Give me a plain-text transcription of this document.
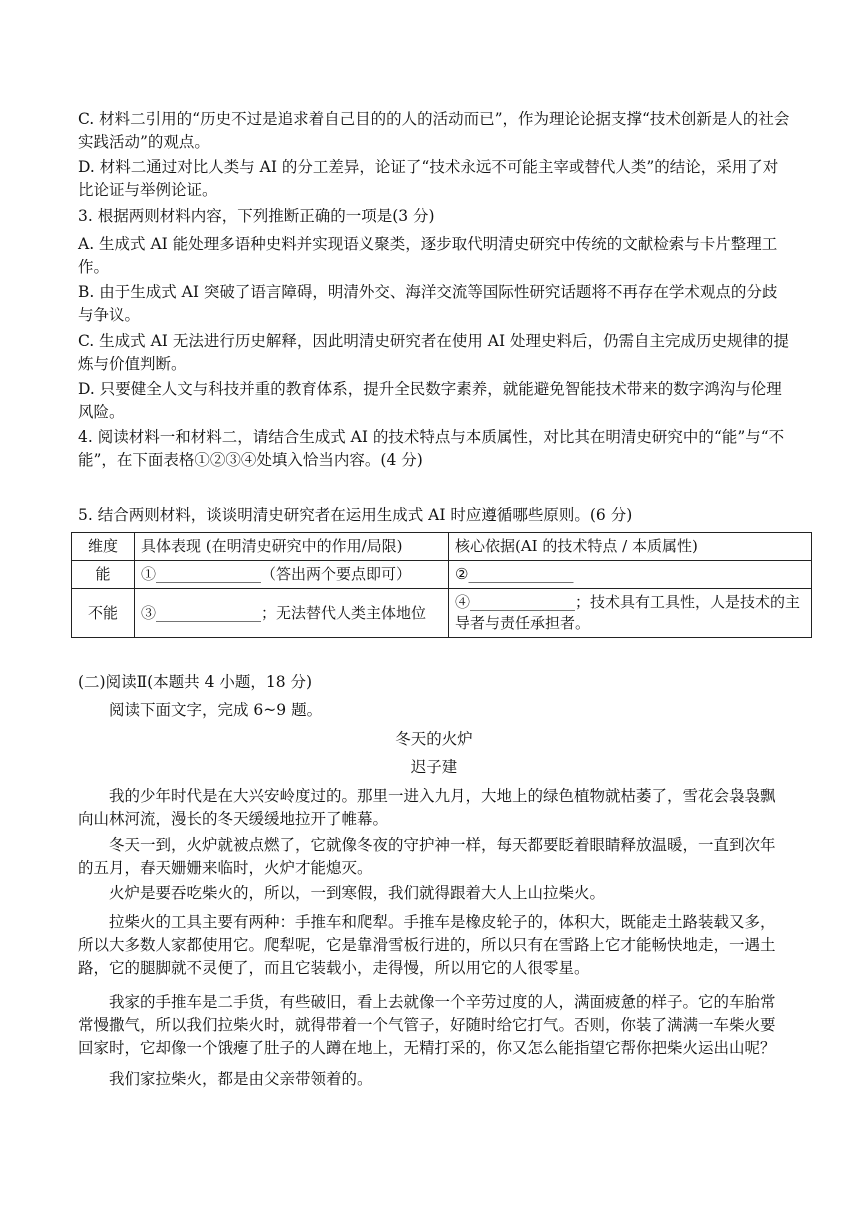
C. 材料二引用的“历史不过是追求着自己目的的人的活动而已”，作为理论论据支撑“技术创新是人的社会实践活动”的观点。

D. 材料二通过对比人类与 AI 的分工差异，论证了“技术永远不可能主宰或替代人类”的结论，采用了对比论证与举例论证。

3. 根据两则材料内容，下列推断正确的一项是(3 分)

A. 生成式 AI 能处理多语种史料并实现语义聚类，逐步取代明清史研究中传统的文献检索与卡片整理工作。

B. 由于生成式 AI 突破了语言障碍，明清外交、海洋交流等国际性研究话题将不再存在学术观点的分歧与争议。

C. 生成式 AI 无法进行历史解释，因此明清史研究者在使用 AI 处理史料后，仍需自主完成历史规律的提炼与价值判断。

D. 只要健全人文与科技并重的教育体系，提升全民数字素养，就能避免智能技术带来的数字鸿沟与伦理风险。

4. 阅读材料一和材料二，请结合生成式 AI 的技术特点与本质属性，对比其在明清史研究中的“能”与“不能”，在下面表格①②③④处填入恰当内容。(4 分)

5. 结合两则材料，谈谈明清史研究者在运用生成式 AI 时应遵循哪些原则。(6 分)

维度	具体表现 (在明清史研究中的作用/局限)	核心依据(AI 的技术特点 / 本质属性)
能	①______________（答出两个要点即可）	②______________
不能	③______________；无法替代人类主体地位	④______________；技术具有工具性，人是技术的主导者与责任承担者。

(二)阅读Ⅱ(本题共 4 小题，18 分)

阅读下面文字，完成 6~9 题。

冬天的火炉
迟子建

我的少年时代是在大兴安岭度过的。那里一进入九月，大地上的绿色植物就枯萎了，雪花会袅袅飘向山林河流，漫长的冬天缓缓地拉开了帷幕。

冬天一到，火炉就被点燃了，它就像冬夜的守护神一样，每天都要眨着眼睛释放温暖，一直到次年的五月，春天姗姗来临时，火炉才能熄灭。

火炉是要吞吃柴火的，所以，一到寒假，我们就得跟着大人上山拉柴火。

拉柴火的工具主要有两种：手推车和爬犁。手推车是橡皮轮子的，体积大，既能走土路装载又多，所以大多数人家都使用它。爬犁呢，它是靠滑雪板行进的，所以只有在雪路上它才能畅快地走，一遇土路，它的腿脚就不灵便了，而且它装载小，走得慢，所以用它的人很零星。

我家的手推车是二手货，有些破旧，看上去就像一个辛劳过度的人，满面疲惫的样子。它的车胎常常慢撒气，所以我们拉柴火时，就得带着一个气管子，好随时给它打气。否则，你装了满满一车柴火要回家时，它却像一个饿瘪了肚子的人蹲在地上，无精打采的，你又怎么能指望它帮你把柴火运出山呢？

我们家拉柴火，都是由父亲带领着的。
